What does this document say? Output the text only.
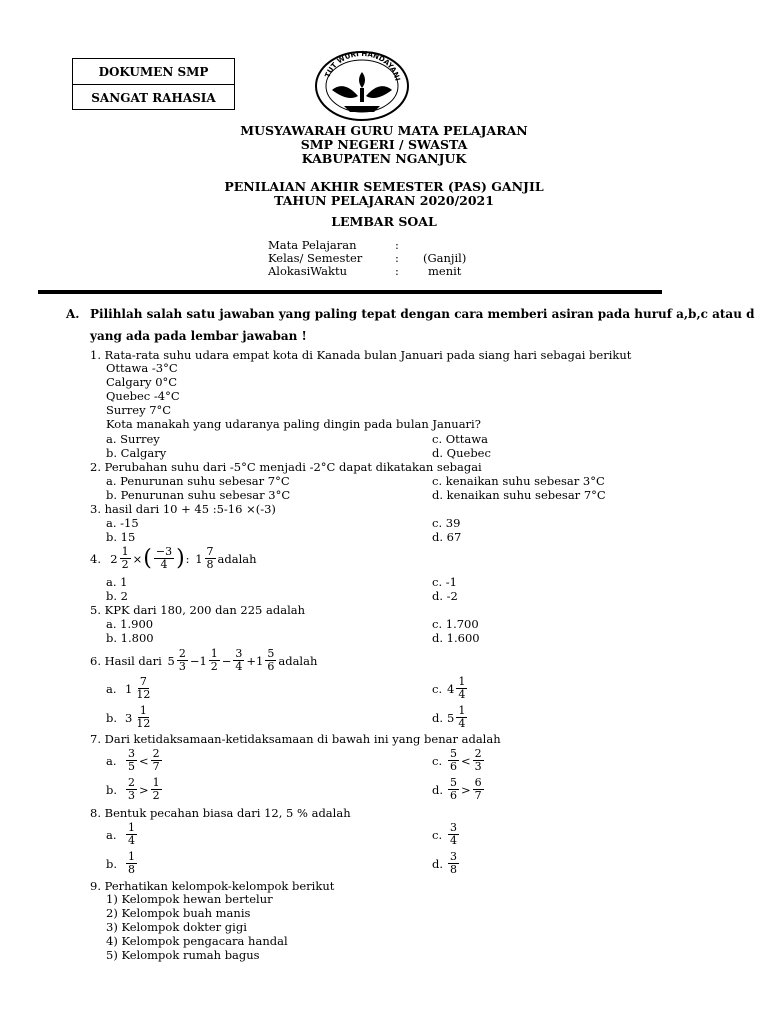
DOKUMEN SMP
SANGAT RAHASIA
TUT WURI HANDAYANI
MUSYAWARAH GURU MATA PELAJARAN
SMP NEGERI / SWASTA
KABUPATEN NGANJUK
PENILAIAN AKHIR SEMESTER (PAS) GANJIL
TAHUN PELAJARAN 2020/2021
LEMBAR SOAL
Mata Pelajaran	:
Kelas/ Semester	: (Ganjil)
AlokasiWaktu	:	menit
A. Pilihlah salah satu jawaban yang paling tepat dengan cara memberi asiran pada huruf a,b,c atau d
yang ada pada lembar jawaban !
1. Rata-rata suhu udara empat kota di Kanada bulan Januari pada siang hari sebagai berikut
Ottawa -3°C
Calgary 0°C
Quebec -4°C
Surrey 7°C
Kota manakah yang udaranya paling dingin pada bulan Januari?
a. Surrey	c. Ottawa
b. Calgary	d. Quebec
2. Perubahan suhu dari -5°C menjadi -2°C dapat dikatakan sebagai
a. Penurunan suhu sebesar 7°C	c. kenaikan suhu sebesar 3°C
b. Penurunan suhu sebesar 3°C	d. kenaikan suhu sebesar 7°C
3. hasil dari 10 + 45 :5-16 ×(-3)
a. -15	c. 39
b. 15	d. 67
4.
$2 \frac{1}{2}$ × ( $\frac{-3}{4}$ ) :
$1 \frac{7}{8}$ adalah
a. 1	c. -1
b. 2	d. -2
5. KPK dari 180, 200 dan 225 adalah
a. 1.900	c. 1.700
b. 1.800	d. 1.600
6. Hasil dari
$5 \frac{2}{3} -1 \frac{1}{2} - \frac{3}{4} +1 \frac{5}{6}$ adalah
a. $1 \frac{7}{12}$
b. $3 \frac{1}{12}$
c. $4 \frac{1}{4}$
d. $5 \frac{1}{4}$
7. Dari ketidaksamaan-ketidaksamaan di bawah ini yang benar adalah
a. $\frac{3}{5} < \frac{2}{7}$
b. $\frac{2}{3} > \frac{1}{2}$
c. $\frac{5}{6} < \frac{2}{3}$
d. $\frac{5}{6} > \frac{6}{7}$
8. Bentuk pecahan biasa dari 12, 5 % adalah
a. $\frac{1}{4}$
b. $\frac{1}{8}$
c. $\frac{3}{4}$
d. $\frac{3}{8}$
9. Perhatikan kelompok-kelompok berikut
1) Kelompok hewan bertelur
2) Kelompok buah manis
3) Kelompok dokter gigi
4) Kelompok pengacara handal
5) Kelompok rumah bagus
